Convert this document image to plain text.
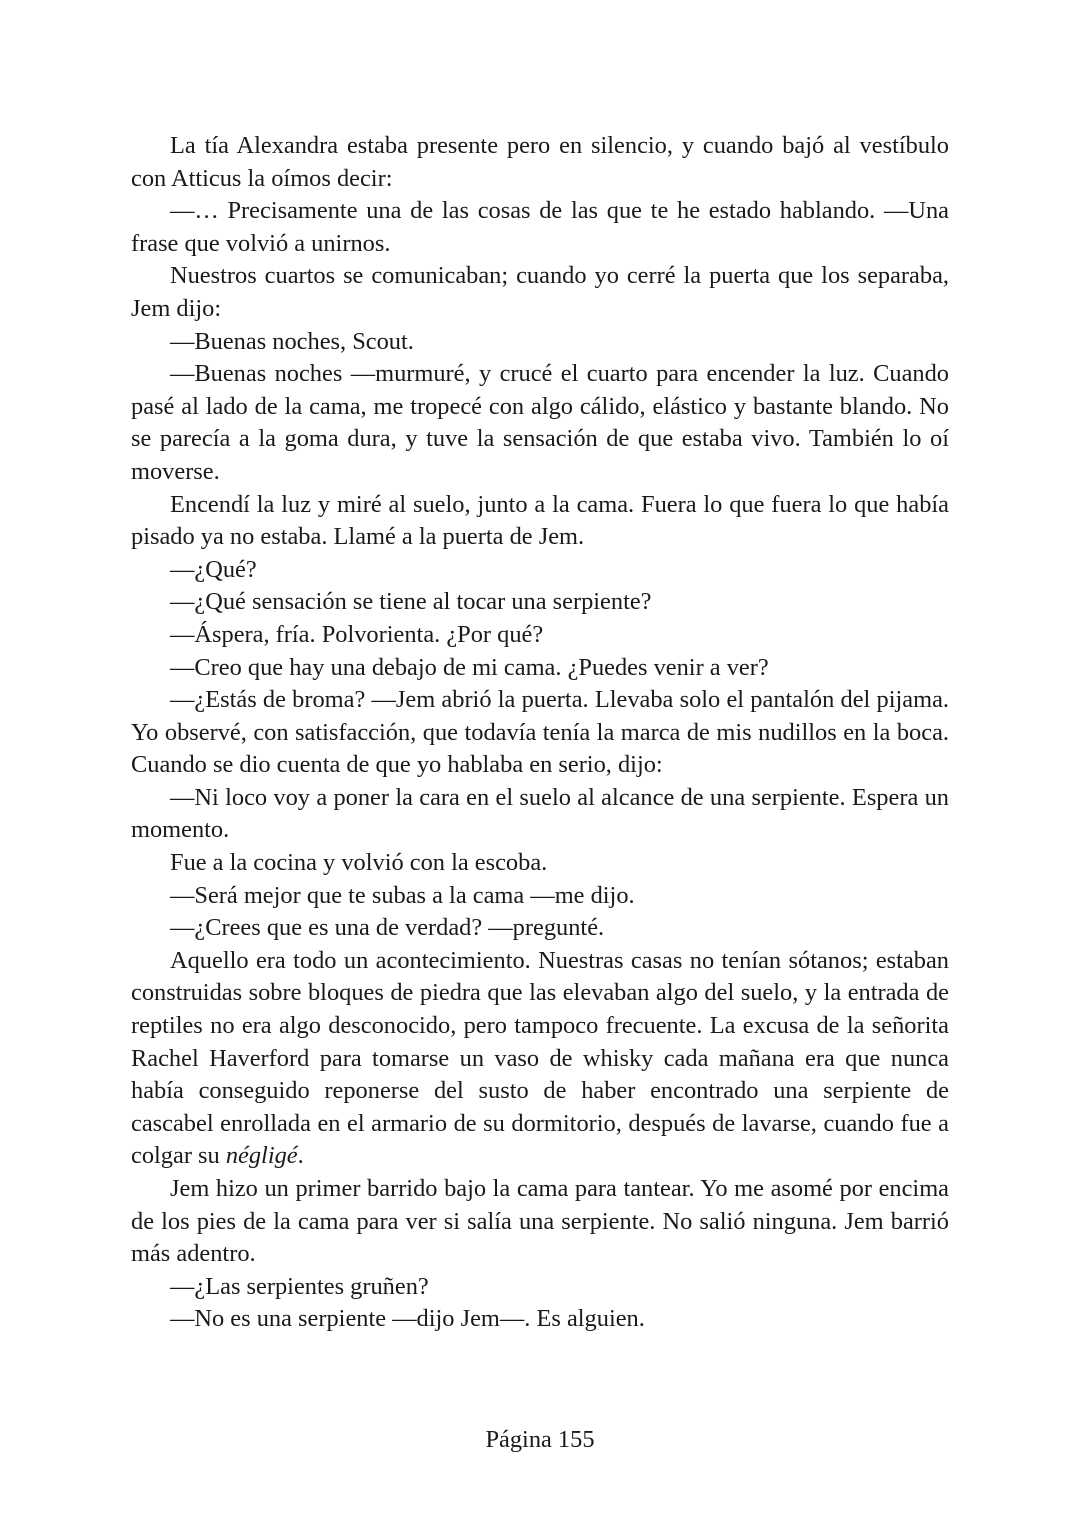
La tía Alexandra estaba presente pero en silencio, y cuando bajó al vestíbulo con Atticus la oímos decir:

—… Precisamente una de las cosas de las que te he estado hablando. —Una frase que volvió a unirnos.

Nuestros cuartos se comunicaban; cuando yo cerré la puerta que los separaba, Jem dijo:

—Buenas noches, Scout.

—Buenas noches —murmuré, y crucé el cuarto para encender la luz. Cuando pasé al lado de la cama, me tropecé con algo cálido, elástico y bastante blando. No se parecía a la goma dura, y tuve la sensación de que estaba vivo. También lo oí moverse.

Encendí la luz y miré al suelo, junto a la cama. Fuera lo que fuera lo que había pisado ya no estaba. Llamé a la puerta de Jem.

—¿Qué?

—¿Qué sensación se tiene al tocar una serpiente?

—Áspera, fría. Polvorienta. ¿Por qué?

—Creo que hay una debajo de mi cama. ¿Puedes venir a ver?

—¿Estás de broma? —Jem abrió la puerta. Llevaba solo el pantalón del pijama. Yo observé, con satisfacción, que todavía tenía la marca de mis nudillos en la boca. Cuando se dio cuenta de que yo hablaba en serio, dijo:

—Ni loco voy a poner la cara en el suelo al alcance de una serpiente. Espera un momento.

Fue a la cocina y volvió con la escoba.

—Será mejor que te subas a la cama —me dijo.

—¿Crees que es una de verdad? —pregunté.

Aquello era todo un acontecimiento. Nuestras casas no tenían sótanos; estaban construidas sobre bloques de piedra que las elevaban algo del suelo, y la entrada de reptiles no era algo desconocido, pero tampoco frecuente. La excusa de la señorita Rachel Haverford para tomarse un vaso de whisky cada mañana era que nunca había conseguido reponerse del susto de haber encontrado una serpiente de cascabel enrollada en el armario de su dormitorio, después de lavarse, cuando fue a colgar su négligé.

Jem hizo un primer barrido bajo la cama para tantear. Yo me asomé por encima de los pies de la cama para ver si salía una serpiente. No salió ninguna. Jem barrió más adentro.

—¿Las serpientes gruñen?

—No es una serpiente —dijo Jem—. Es alguien.

Página 155
